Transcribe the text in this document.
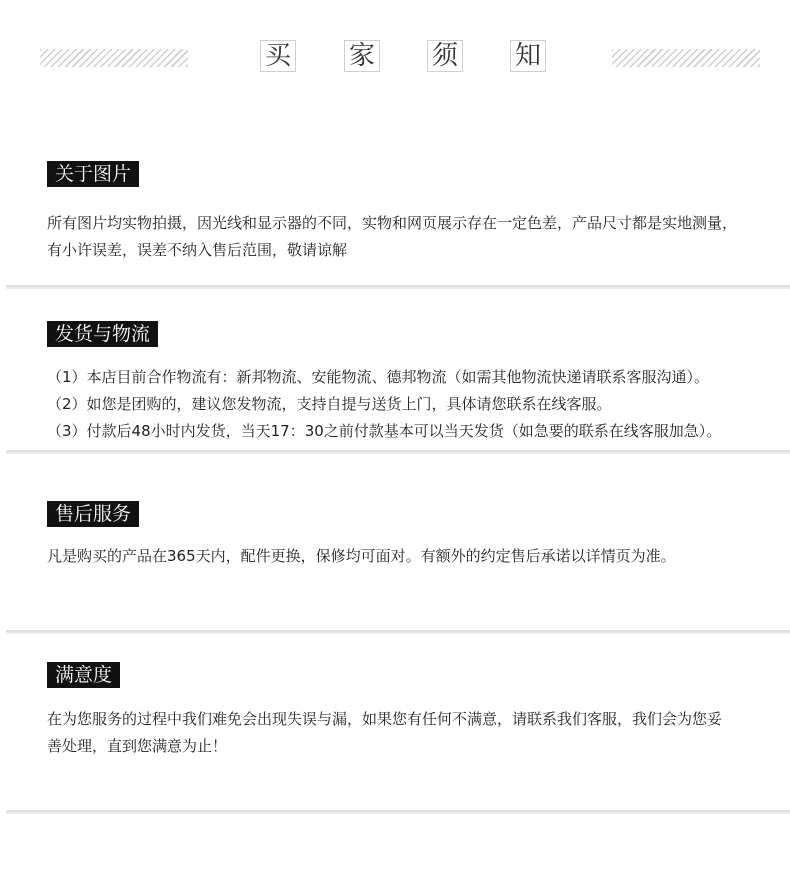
买 家 须 知
关于图片

所有图片均实物拍摄，因光线和显示器的不同，实物和网页展示存在一定色差，产品尺寸都是实地测量，

有小许误差，误差不纳入售后范围，敬请谅解

发货与物流

（1）本店目前合作物流有：新邦物流、安能物流、德邦物流（如需其他物流快递请联系客服沟通）。

（2）如您是团购的，建议您发物流，支持自提与送货上门，具体请您联系在线客服。

（3）付款后48小时内发货，当天17：30之前付款基本可以当天发货（如急要的联系在线客服加急）。

售后服务

凡是购买的产品在365天内，配件更换，保修均可面对。有额外的约定售后承诺以详情页为准。

满意度

在为您服务的过程中我们难免会出现失误与漏，如果您有任何不满意，请联系我们客服，我们会为您妥

善处理，直到您满意为止！
